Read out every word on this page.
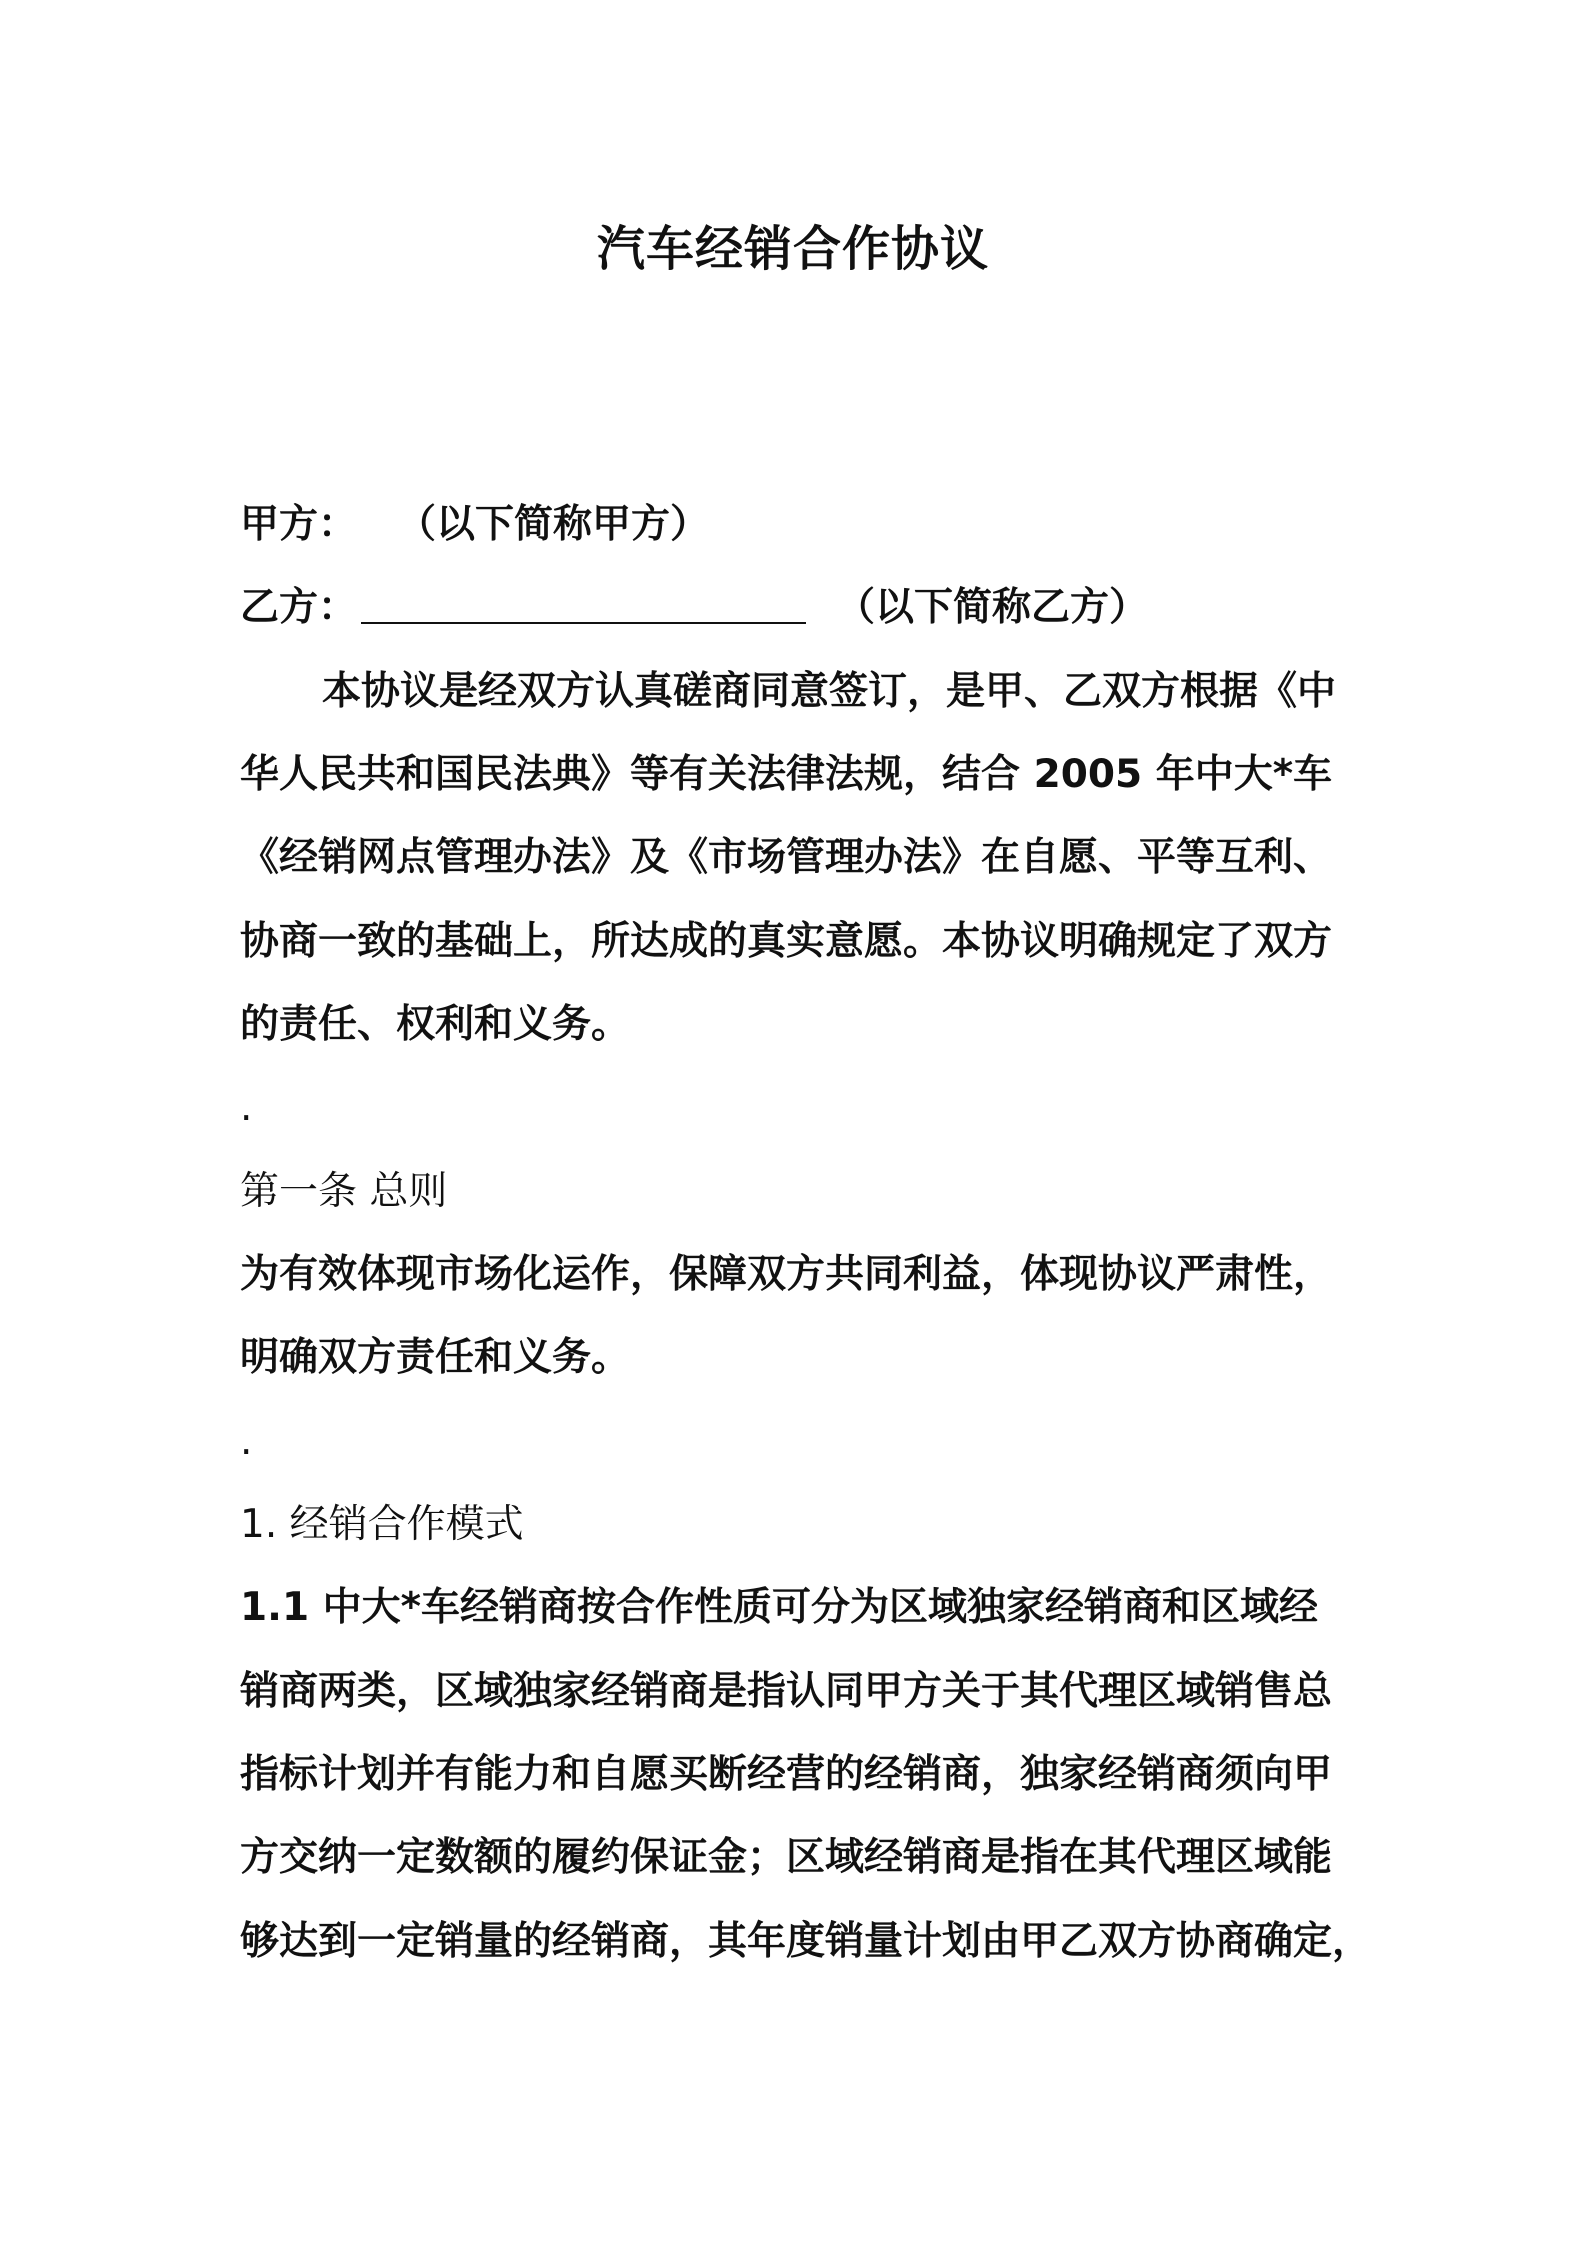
汽车经销合作协议
甲方： （以下简称甲方）
乙方：	（以下简称乙方）
本协议是经双方认真磋商同意签订，是甲、乙双方根据《中
华人民共和国民法典》等有关法律法规，结合 2005 年中大*车
《经销网点管理办法》及《市场管理办法》在自愿、平等互利、
协商一致的基础上，所达成的真实意愿。本协议明确规定了双方
的责任、权利和义务。
.
第一条 总则
为有效体现市场化运作，保障双方共同利益，体现协议严肃性，
明确双方责任和义务。
.
1. 经销合作模式
1.1 中大*车经销商按合作性质可分为区域独家经销商和区域经
销商两类，区域独家经销商是指认同甲方关于其代理区域销售总
指标计划并有能力和自愿买断经营的经销商，独家经销商须向甲
方交纳一定数额的履约保证金；区域经销商是指在其代理区域能
够达到一定销量的经销商，其年度销量计划由甲乙双方协商确定，
